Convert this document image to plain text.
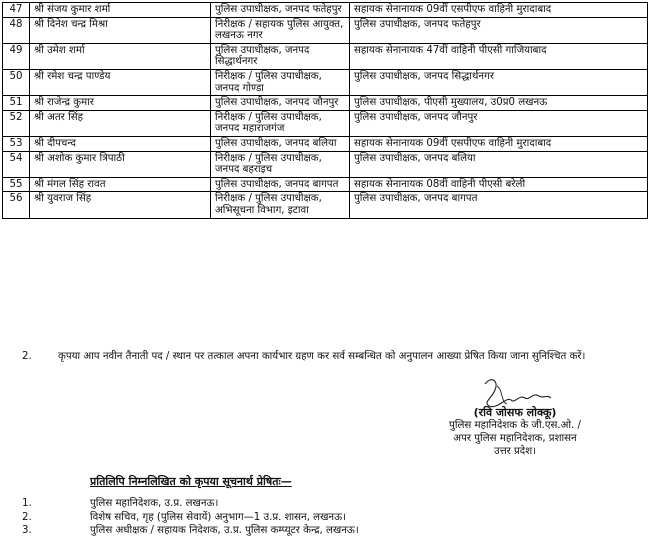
47	श्री संजय कुमार शर्मा	पुलिस उपाधीक्षक, जनपद फतेहपुर	सहायक सेनानायक 09वीं एसपीएफ वाहिनी मुरादाबाद
48	श्री दिनेश चन्द्र मिश्रा	निरीक्षक / सहायक पुलिस आयुक्त, लखनऊ नगर	पुलिस उपाधीक्षक, जनपद फतेहपुर
49	श्री उमेश शर्मा	पुलिस उपाधीक्षक, जनपद सिद्धार्थनगर	सहायक सेनानायक 47वीं वाहिनी पीएसी गाजियाबाद
50	श्री रमेश चन्द्र पाण्डेय	निरीक्षक / पुलिस उपाधीक्षक, जनपद गोण्डा	पुलिस उपाधीक्षक, जनपद सिद्धार्थनगर
51	श्री राजेन्द्र कुमार	पुलिस उपाधीक्षक, जनपद जौनपुर	पुलिस उपाधीक्षक, पीएसी मुख्यालय, उ0प्र0 लखनऊ
52	श्री अतर सिंह	निरीक्षक / पुलिस उपाधीक्षक, जनपद महाराजगंज	पुलिस उपाधीक्षक, जनपद जौनपुर
53	श्री दीपचन्द	पुलिस उपाधीक्षक, जनपद बलिया	सहायक सेनानायक 09वीं एसपीएफ वाहिनी मुरादाबाद
54	श्री अशोक कुमार त्रिपाठी	निरीक्षक / पुलिस उपाधीक्षक, जनपद बहराइच	पुलिस उपाधीक्षक, जनपद बलिया
55	श्री मंगल सिंह रावत	पुलिस उपाधीक्षक, जनपद बागपत	सहायक सेनानायक 08वीं वाहिनी पीएसी बरेली
56	श्री युवराज सिंह	निरीक्षक / पुलिस उपाधीक्षक, अभिसूचना विभाग, इटावा	पुलिस उपाधीक्षक, जनपद बागपत
2.	कृपया आप नवीन तैनाती पद / स्थान पर तत्काल अपना कार्यभार ग्रहण कर सर्व सम्बन्धित को अनुपालन आख्या प्रेषित किया जाना सुनिश्चित करें।
(रवि जोसफ लोक्कू)
पुलिस महानिदेशक के जी.एस.ओ. /
अपर पुलिस महानिदेशक, प्रशासन
उत्तर प्रदेश।
प्रतिलिपि निम्नलिखित को कृपया सूचनार्थ प्रेषितः—
1.	पुलिस महानिदेशक, उ.प्र. लखनऊ।
2.	विशेष सचिव, गृह (पुलिस सेवायें) अनुभाग—1 उ.प्र. शासन, लखनऊ।
3.	पुलिस अधीक्षक / सहायक निदेशक, उ.प्र. पुलिस कम्प्यूटर केन्द्र, लखनऊ।
